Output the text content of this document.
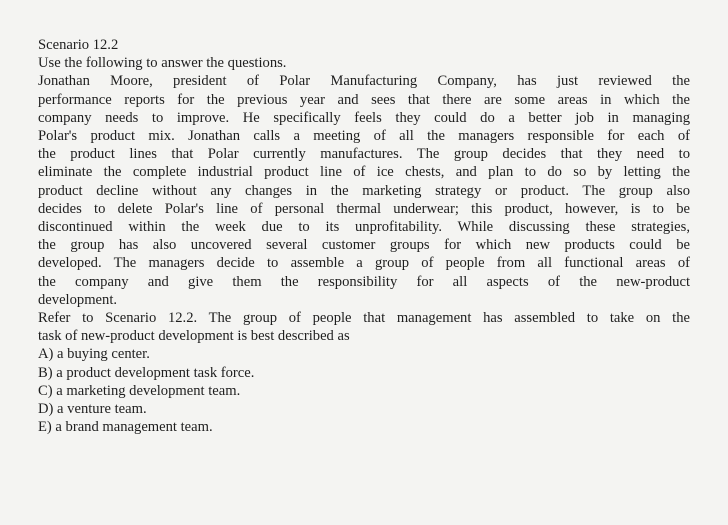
Scenario 12.2
Use the following to answer the questions.
Jonathan Moore, president of Polar Manufacturing Company, has just reviewed the
performance reports for the previous year and sees that there are some areas in which the
company needs to improve. He specifically feels they could do a better job in managing
Polar's product mix. Jonathan calls a meeting of all the managers responsible for each of
the product lines that Polar currently manufactures. The group decides that they need to
eliminate the complete industrial product line of ice chests, and plan to do so by letting the
product decline without any changes in the marketing strategy or product. The group also
decides to delete Polar's line of personal thermal underwear; this product, however, is to be
discontinued within the week due to its unprofitability. While discussing these strategies,
the group has also uncovered several customer groups for which new products could be
developed. The managers decide to assemble a group of people from all functional areas of
the company and give them the responsibility for all aspects of the new-product
development.
Refer to Scenario 12.2. The group of people that management has assembled to take on the
task of new-product development is best described as
A) a buying center.
B) a product development task force.
C) a marketing development team.
D) a venture team.
E) a brand management team.
